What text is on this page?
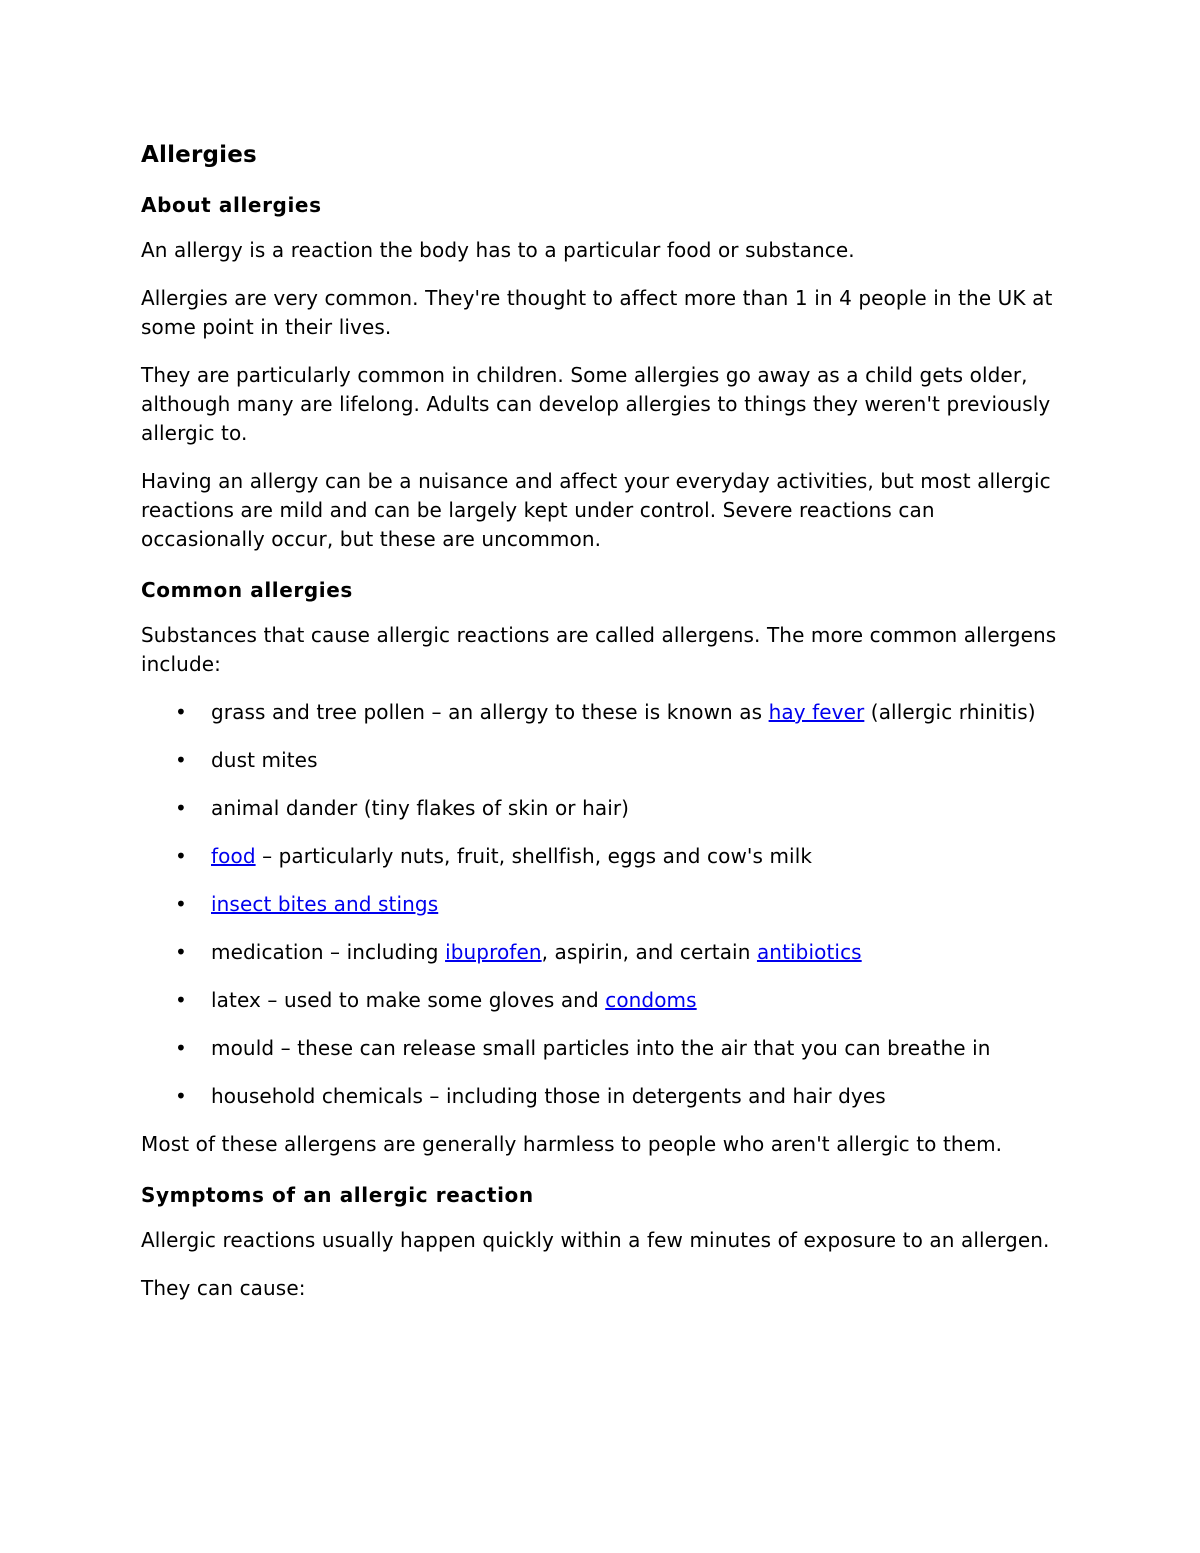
Allergies
About allergies

An allergy is a reaction the body has to a particular food or substance.

Allergies are very common. They're thought to affect more than 1 in 4 people in the UK at some point in their lives.

They are particularly common in children. Some allergies go away as a child gets older, although many are lifelong. Adults can develop allergies to things they weren't previously allergic to.

Having an allergy can be a nuisance and affect your everyday activities, but most allergic reactions are mild and can be largely kept under control. Severe reactions can occasionally occur, but these are uncommon.

Common allergies

Substances that cause allergic reactions are called allergens. The more common allergens include:

• grass and tree pollen – an allergy to these is known as hay fever (allergic rhinitis)
• dust mites
• animal dander (tiny flakes of skin or hair)
• food – particularly nuts, fruit, shellfish, eggs and cow's milk
• insect bites and stings
• medication – including ibuprofen, aspirin, and certain antibiotics
• latex – used to make some gloves and condoms
• mould – these can release small particles into the air that you can breathe in
• household chemicals – including those in detergents and hair dyes

Most of these allergens are generally harmless to people who aren't allergic to them.

Symptoms of an allergic reaction

Allergic reactions usually happen quickly within a few minutes of exposure to an allergen.

They can cause:
